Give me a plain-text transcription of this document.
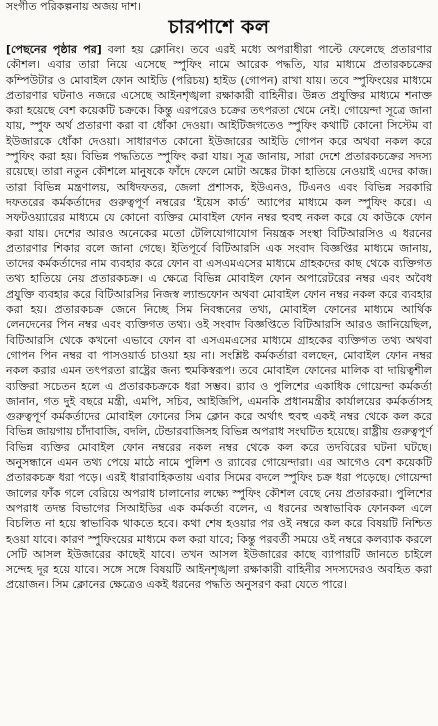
সংগীত পরিকল্পনায় অজয় দাশ।
চারপাশে কল

[পেছনের পৃষ্ঠার পর] বলা হয় ক্লোনিং। তবে এরই মধ্যে অপরাধীরা পাল্টে ফেলেছে প্রতারণার কৌশল। এবার তারা নিয়ে এসেছে স্পুফিং নামে আরেক পদ্ধতি, যার মাধ্যমে প্রতারকচক্রের কম্পিউটার ও মোবাইল ফোন আইডি (পরিচয়) হাইড (গোপন) রাখা যায়। তবে স্পুফিংয়ের মাধ্যমে প্রতারণার ঘটনাও নজরে এসেছে আইনশৃঙ্খলা রক্ষাকারী বাহিনীর। উন্নত প্রযুক্তির মাধ্যমে শনাক্ত করা হয়েছে বেশ কয়েকটি চক্রকে। কিন্তু এরপরেও চক্রের তৎপরতা থেমে নেই। গোয়েন্দা সূত্রে জানা যায়, স্পুফ অর্থ প্রতারণা করা বা ধোঁকা দেওয়া। আইটিজগতেও স্পুফিং কথাটি কোনো সিস্টেম বা ইউজারকে ধোঁকা দেওয়া। সাধারণত কোনো ইউজারের আইডি গোপন করে অথবা নকল করে স্পুফিং করা হয়। বিভিন্ন পদ্ধতিতে স্পুফিং করা যায়। সূত্র জানায়, সারা দেশে প্রতারকচক্রের সদস্য রয়েছে। তারা নতুন কৌশলে মানুষকে ফাঁদে ফেলে মোটা অঙ্কের টাকা হাতিয়ে নেওয়াই এদের কাজ। তারা বিভিন্ন মন্ত্রণালয়, অধিদফতর, জেলা প্রশাসক, ইউএনও, টিএনও এবং বিভিন্ন সরকারি দফতরের কর্মকর্তাদের গুরুত্বপূর্ণ নম্বরের ‘ইয়েস কার্ড’ অ্যাপের মাধ্যমে কল স্পুফিং করে। এ সফটওয়্যারের মাধ্যমে যে কোনো ব্যক্তির মোবাইল ফোন নম্বর হুবহু নকল করে যে কাউকে ফোন করা যায়। দেশের আরও অনেকের মতো টেলিযোগাযোগ নিয়ন্ত্রক সংস্থা বিটিআরসিও এ ধরনের প্রতারণার শিকার বলে জানা গেছে। ইতিপূর্বে বিটিআরসি এক সংবাদ বিজ্ঞপ্তির মাধ্যমে জানায়, তাদের কর্মকর্তাদের নাম ব্যবহার করে ফোন বা এসএমএসের মাধ্যমে গ্রাহকদের কাছ থেকে ব্যক্তিগত তথ্য হাতিয়ে নেয় প্রতারকচক্র। এ ক্ষেত্রে বিভিন্ন মোবাইল ফোন অপারেটরের নম্বর এবং অবৈধ প্রযুক্তি ব্যবহার করে বিটিআরসির নিজস্ব ল্যান্ডফোন অথবা মোবাইল ফোন নম্বর নকল করে ব্যবহার করা হয়। প্রতারকচক্র জেনে নিচ্ছে সিম নিবন্ধনের তথ্য, মোবাইল ফোনের মাধ্যমে আর্থিক লেনদেনের পিন নম্বর এবং ব্যক্তিগত তথ্য। ওই সংবাদ বিজ্ঞপ্তিতে বিটিআরসি আরও জানিয়েছিল, বিটিআরসি থেকে কখনো এভাবে ফোন বা এসএমএসের মাধ্যমে গ্রাহকের ব্যক্তিগত তথ্য অথবা গোপন পিন নম্বর বা পাসওয়ার্ড চাওয়া হয় না। সংশ্লিষ্ট কর্মকর্তারা বলছেন, মোবাইল ফোন নম্বর নকল করার এমন তৎপরতা রাষ্ট্রের জন্য হুমকিস্বরূপ। তবে মোবাইল ফোনের মালিক বা দায়িত্বশীল ব্যক্তিরা সচেতন হলে এ প্রতারকচক্রকে ধরা সম্ভব। র‌্যাব ও পুলিশের একাধিক গোয়েন্দা কর্মকর্তা জানান, গত দুই বছরে মন্ত্রী, এমপি, সচিব, আইজিপি, এমনকি প্রধানমন্ত্রীর কার্যালয়ের কর্মকর্তাসহ গুরুত্বপূর্ণ কর্মকর্তাদের মোবাইল ফোনের সিম ক্লোন করে অর্থাৎ হুবহু একই নম্বর থেকে কল করে বিভিন্ন জায়গায় চাঁদাবাজি, বদলি, টেন্ডারবাজিসহ বিভিন্ন অপরাধ সংঘটিত হয়েছে। রাষ্ট্রীয় গুরুত্বপূর্ণ বিভিন্ন ব্যক্তির মোবাইল ফোন নম্বরের নকল নম্বর থেকে কল করে তদবিরের ঘটনা ঘটছে। অনুসন্ধানে এমন তথ্য পেয়ে মাঠে নামে পুলিশ ও র‌্যাবের গোয়েন্দারা। এর আগেও বেশ কয়েকটি প্রতারকচক্র ধরা পড়ে। এরই ধারাবাহিকতায় এবার সিমের বদলে স্পুফিং চক্র ধরা পড়েছে। গোয়েন্দা জালের ফাঁক গলে বেরিয়ে অপরাধ চালানোর লক্ষ্যে স্পুফিং কৌশল বেছে নেয় প্রতারকরা। পুলিশের অপরাধ তদন্ত বিভাগের সিআইডির এক কর্মকর্তা বলেন, এ ধরনের অস্বাভাবিক ফোনকল এলে বিচলিত না হয়ে স্বাভাবিক থাকতে হবে। কথা শেষ হওয়ার পর ওই নম্বরে কল করে বিষয়টি নিশ্চিত হওয়া যাবে। কারণ স্পুফিংয়ের মাধ্যমে কল করা যাবে; কিন্তু পরবর্তী সময়ে ওই নম্বরে কলব্যাক করলে সেটি আসল ইউজারের কাছেই যাবে। তখন আসল ইউজারের কাছে ব্যাপারটি জানতে চাইলে সন্দেহ দূর হয়ে যাবে। সঙ্গে সঙ্গে বিষয়টি আইনশৃঙ্খলা রক্ষাকারী বাহিনীর সদস্যদেরও অবহিত করা প্রয়োজন। সিম ক্লোনের ক্ষেত্রেও একই ধরনের পদ্ধতি অনুসরণ করা যেতে পারে।
